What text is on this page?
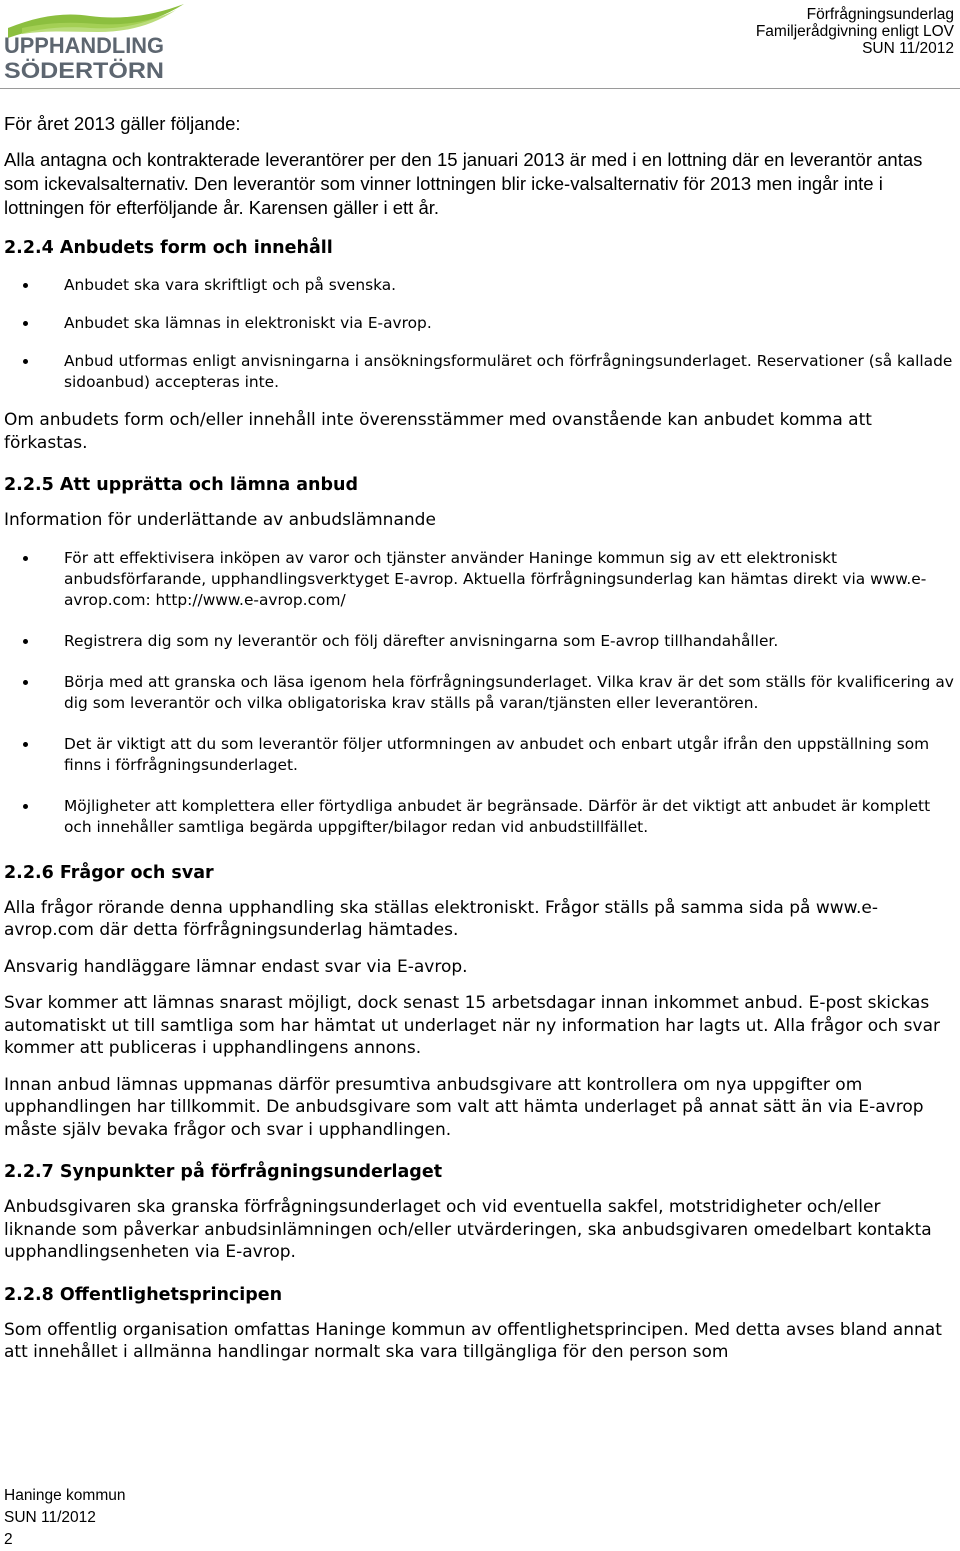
UPPHANDLING
SÖDERTÖRN
Förfrågningsunderlag
Familjerådgivning enligt LOV
SUN 11/2012

För året 2013 gäller följande:

Alla antagna och kontrakterade leverantörer per den 15 januari 2013 är med i en lottning där en leverantör antas som ickevalsalternativ. Den leverantör som vinner lottningen blir icke-valsalternativ för 2013 men ingår inte i lottningen för efterföljande år. Karensen gäller i ett år.

2.2.4 Anbudets form och innehåll
Anbudet ska vara skriftligt och på svenska.
Anbudet ska lämnas in elektroniskt via E-avrop.
Anbud utformas enligt anvisningarna i ansökningsformuläret och förfrågningsunderlaget. Reservationer (så kallade sidoanbud) accepteras inte.

Om anbudets form och/eller innehåll inte överensstämmer med ovanstående kan anbudet komma att förkastas.

2.2.5 Att upprätta och lämna anbud

Information för underlättande av anbudslämnande

För att effektivisera inköpen av varor och tjänster använder Haninge kommun sig av ett elektroniskt anbudsförfarande, upphandlingsverktyget E-avrop. Aktuella förfrågningsunderlag kan hämtas direkt via www.e-avrop.com: http://www.e-avrop.com/
Registrera dig som ny leverantör och följ därefter anvisningarna som E-avrop tillhandahåller.
Börja med att granska och läsa igenom hela förfrågningsunderlaget. Vilka krav är det som ställs för kvalificering av dig som leverantör och vilka obligatoriska krav ställs på varan/tjänsten eller leverantören.
Det är viktigt att du som leverantör följer utformningen av anbudet och enbart utgår ifrån den uppställning som finns i förfrågningsunderlaget.
Möjligheter att komplettera eller förtydliga anbudet är begränsade. Därför är det viktigt att anbudet är komplett och innehåller samtliga begärda uppgifter/bilagor redan vid anbudstillfället.
2.2.6 Frågor och svar

Alla frågor rörande denna upphandling ska ställas elektroniskt. Frågor ställs på samma sida på www.e-avrop.com där detta förfrågningsunderlag hämtades.

Ansvarig handläggare lämnar endast svar via E-avrop.

Svar kommer att lämnas snarast möjligt, dock senast 15 arbetsdagar innan inkommet anbud. E-post skickas automatiskt ut till samtliga som har hämtat ut underlaget när ny information har lagts ut. Alla frågor och svar kommer att publiceras i upphandlingens annons.

Innan anbud lämnas uppmanas därför presumtiva anbudsgivare att kontrollera om nya uppgifter om upphandlingen har tillkommit. De anbudsgivare som valt att hämta underlaget på annat sätt än via E-avrop måste själv bevaka frågor och svar i upphandlingen.

2.2.7 Synpunkter på förfrågningsunderlaget

Anbudsgivaren ska granska förfrågningsunderlaget och vid eventuella sakfel, motstridigheter och/eller liknande som påverkar anbudsinlämningen och/eller utvärderingen, ska anbudsgivaren omedelbart kontakta upphandlingsenheten via E-avrop.

2.2.8 Offentlighetsprincipen

Som offentlig organisation omfattas Haninge kommun av offentlighetsprincipen. Med detta avses bland annat att innehållet i allmänna handlingar normalt ska vara tillgängliga för den person som

Haninge kommun
SUN 11/2012
2
